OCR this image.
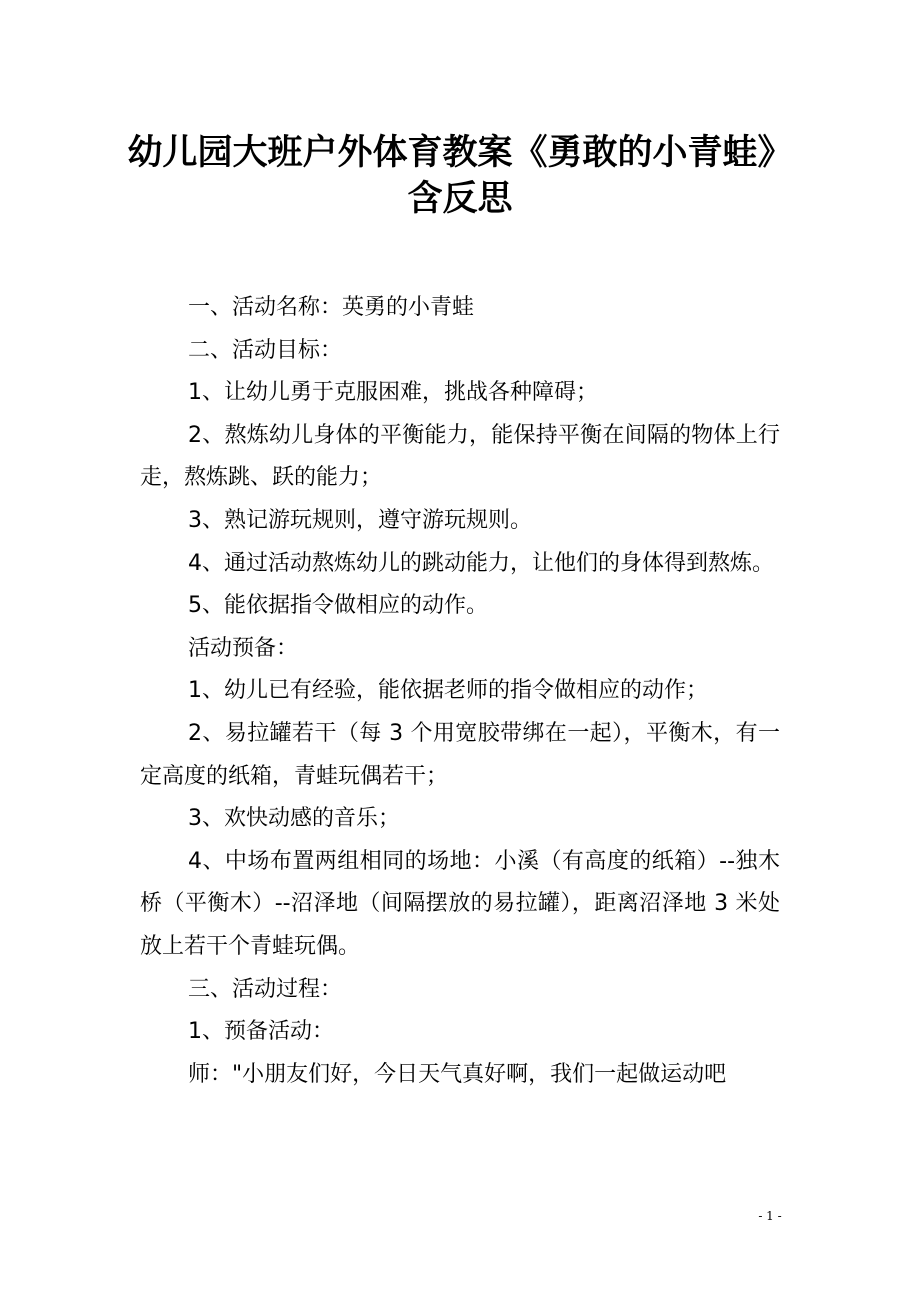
幼儿园大班户外体育教案《勇敢的小青蛙》
含反思

一、活动名称：英勇的小青蛙

二、活动目标：

1、让幼儿勇于克服困难，挑战各种障碍；

2、熬炼幼儿身体的平衡能力，能保持平衡在间隔的物体上行走，熬炼跳、跃的能力；

3、熟记游玩规则，遵守游玩规则。

4、通过活动熬炼幼儿的跳动能力，让他们的身体得到熬炼。

5、能依据指令做相应的动作。

活动预备：

1、幼儿已有经验，能依据老师的指令做相应的动作；

2、易拉罐若干（每 3 个用宽胶带绑在一起），平衡木，有一定高度的纸箱，青蛙玩偶若干；

3、欢快动感的音乐；

4、中场布置两组相同的场地：小溪（有高度的纸箱）--独木桥（平衡木）--沼泽地（间隔摆放的易拉罐），距离沼泽地 3 米处放上若干个青蛙玩偶。

三、活动过程：

1、预备活动：

师："小朋友们好，今日天气真好啊，我们一起做运动吧

- 1 -
